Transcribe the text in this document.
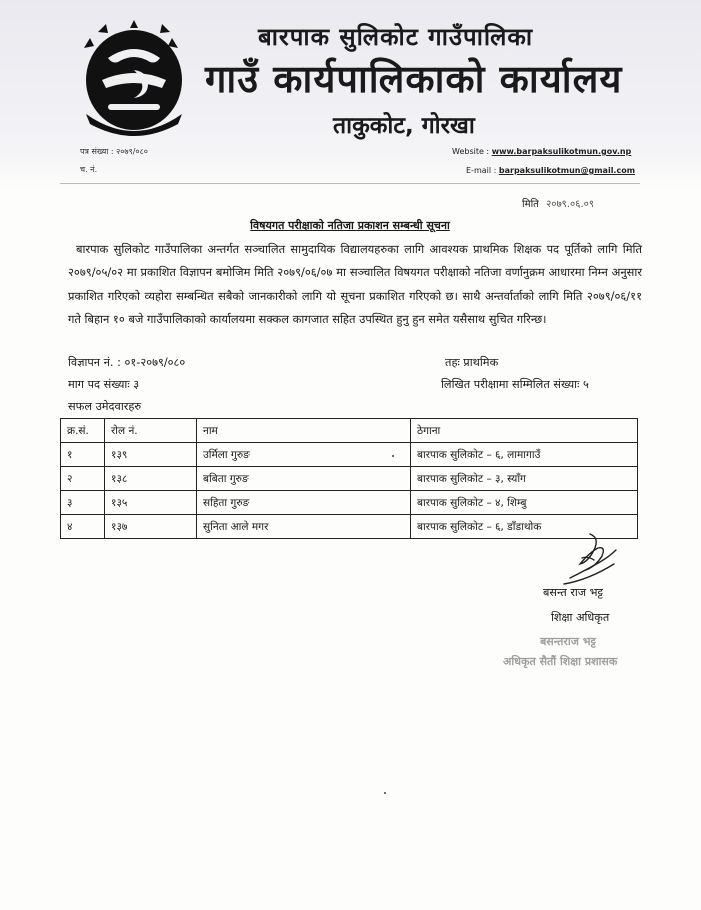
बारपाक सुलिकोट गाउँपालिका
गाउँ कार्यपालिकाको कार्यालय
ताकुकोट, गोरखा
पत्र संख्या : २०७९/०८०
च. नं.
Website : www.barpaksulikotmun.gov.np
E-mail : barpaksulikotmun@gmail.com
मिति २०७९.०६.०९
विषयगत परीक्षाको नतिजा प्रकाशन सम्बन्धी सूचना
बारपाक सुलिकोट गाउँपालिका अन्तर्गत सञ्चालित सामुदायिक विद्यालयहरुका लागि आवश्यक प्राथमिक शिक्षक पद पूर्तिको लागि मिति २०७९/०५/०२ मा प्रकाशित विज्ञापन बमोजिम मिति २०७९/०६/०७ मा सञ्चालित विषयगत परीक्षाको नतिजा वर्णानुक्रम आधारमा निम्न अनुसार प्रकाशित गरिएको व्यहोरा सम्बन्धित सबैको जानकारीको लागि यो सूचना प्रकाशित गरिएको छ। साथै अन्तर्वार्ताको लागि मिति २०७९/०६/११ गते बिहान १० बजे गाउँपालिकाको कार्यालयमा सक्कल कागजात सहित उपस्थित हुनु हुन समेत यसैसाथ सुचित गरिन्छ।
विज्ञापन नं. : ०१-२०७९/०८०	तहः प्राथमिक
माग पद संख्याः ३	लिखित परीक्षामा सम्मिलित संख्याः ५
सफल उमेदवारहरु
क्र.सं.	रोल नं.	नाम	ठेगाना
१	१३९	उर्मिला गुरुङ	बारपाक सुलिकोट – ६, लामागाउँ
२	१३८	बबिता गुरुङ	बारपाक सुलिकोट – ३, स्याँग
३	१३५	सहिता गुरुङ	बारपाक सुलिकोट – ४, शिम्बु
४	१३७	सुनिता आले मगर	बारपाक सुलिकोट – ६, डाँडाथोक
बसन्त राज भट्ट
शिक्षा अधिकृत
बसन्तराज भट्ट
अधिकृत सैतौं शिक्षा प्रशासक
